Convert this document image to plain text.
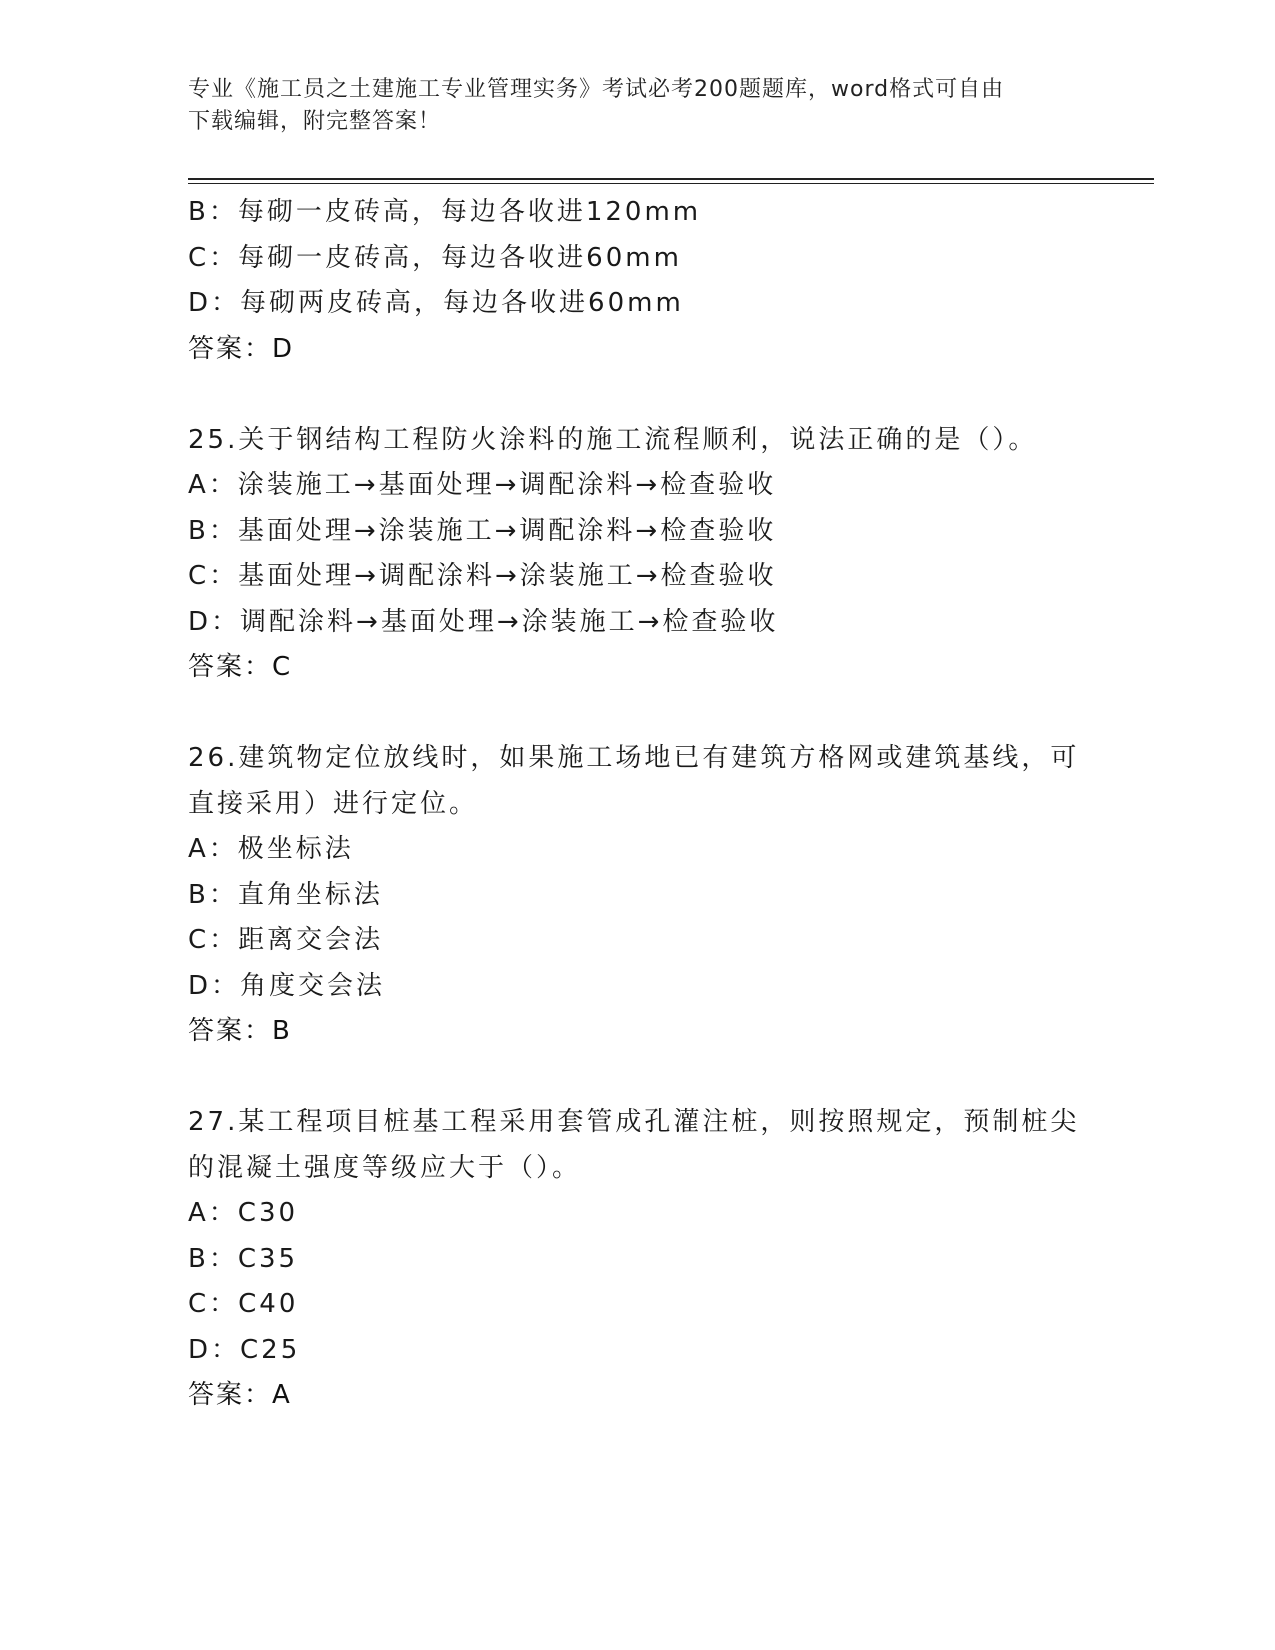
专业《施工员之土建施工专业管理实务》考试必考200题题库，word格式可自由
下载编辑，附完整答案！
B：每砌一皮砖高，每边各收进120mm
C：每砌一皮砖高，每边各收进60mm
D：每砌两皮砖高，每边各收进60mm
答案：D
25.关于钢结构工程防火涂料的施工流程顺利，说法正确的是（）。
A：涂装施工→基面处理→调配涂料→检查验收
B：基面处理→涂装施工→调配涂料→检查验收
C：基面处理→调配涂料→涂装施工→检查验收
D：调配涂料→基面处理→涂装施工→检查验收
答案：C
26.建筑物定位放线时，如果施工场地已有建筑方格网或建筑基线，可
直接采用）进行定位。
A：极坐标法
B：直角坐标法
C：距离交会法
D：角度交会法
答案：B
27.某工程项目桩基工程采用套管成孔灌注桩，则按照规定，预制桩尖
的混凝土强度等级应大于（）。
A：C30
B：C35
C：C40
D：C25
答案：A
